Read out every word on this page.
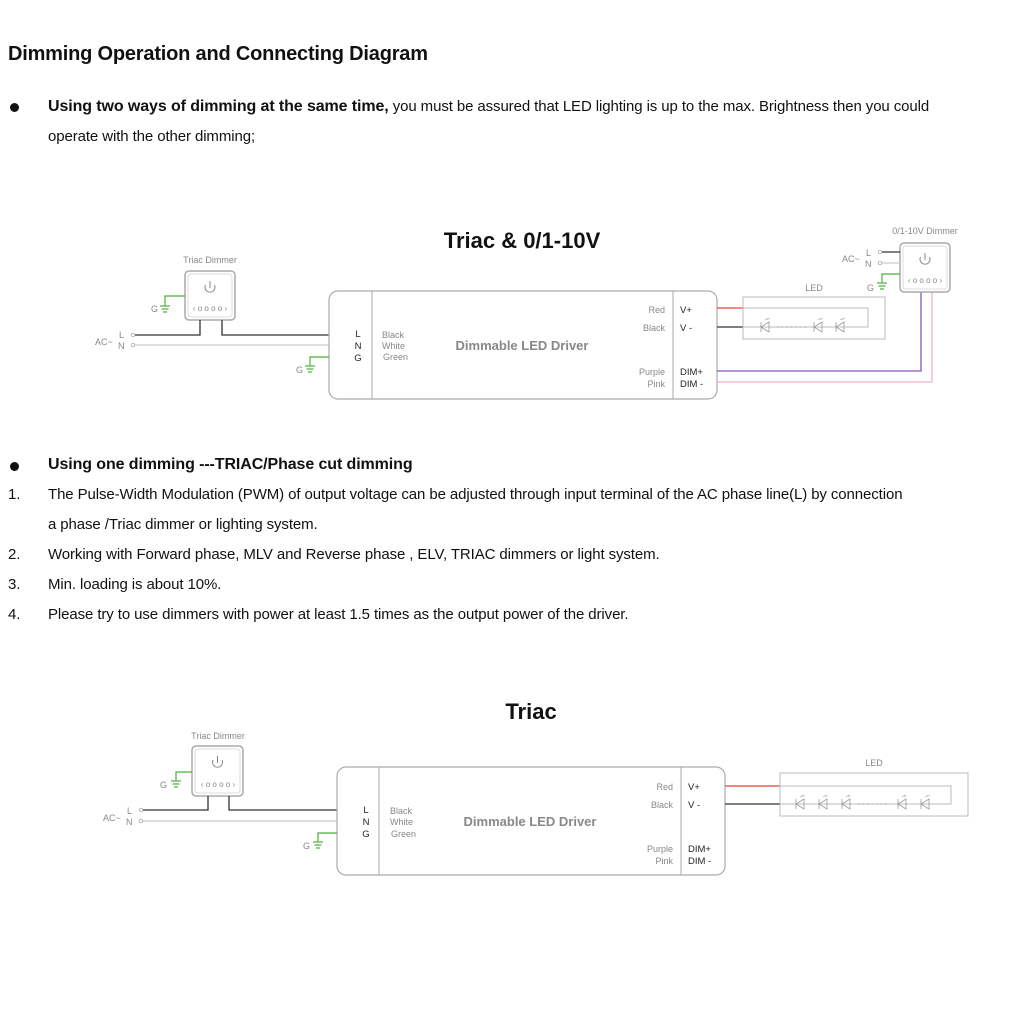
Dimming Operation and Connecting Diagram
Using two ways of dimming at the same time, you must be assured that LED lighting is up to the max. Brightness then you could
operate with the other dimming;
Using one dimming ---TRIAC/Phase cut dimming
1. The Pulse-Width Modulation (PWM) of output voltage can be adjusted through input terminal of the AC phase line(L) by connection
a phase /Triac dimmer or lighting system.
2. Working with Forward phase, MLV and Reverse phase , ELV, TRIAC dimmers or light system.
3. Min. loading is about 10%.
4. Please try to use dimmers with power at least 1.5 times as the output power of the driver.
Triac & 0/1-10V
Triac Dimmer
‹ o o o o ›
G
AC~
L
N
L
N
G
Black
White
Green
Dimmable LED Driver
Red
Black
Purple
Pink
V+
V -
DIM+
DIM -
G
LED
0/1-10V Dimmer
‹ o o o o ›
AC~
L
N
G
Triac
Triac Dimmer
‹ o o o o ›
G
AC~
L
N
L
N
G
Black
White
Green
Dimmable LED Driver
Red
Black
Purple
Pink
V+
V -
DIM+
DIM -
G
LED
